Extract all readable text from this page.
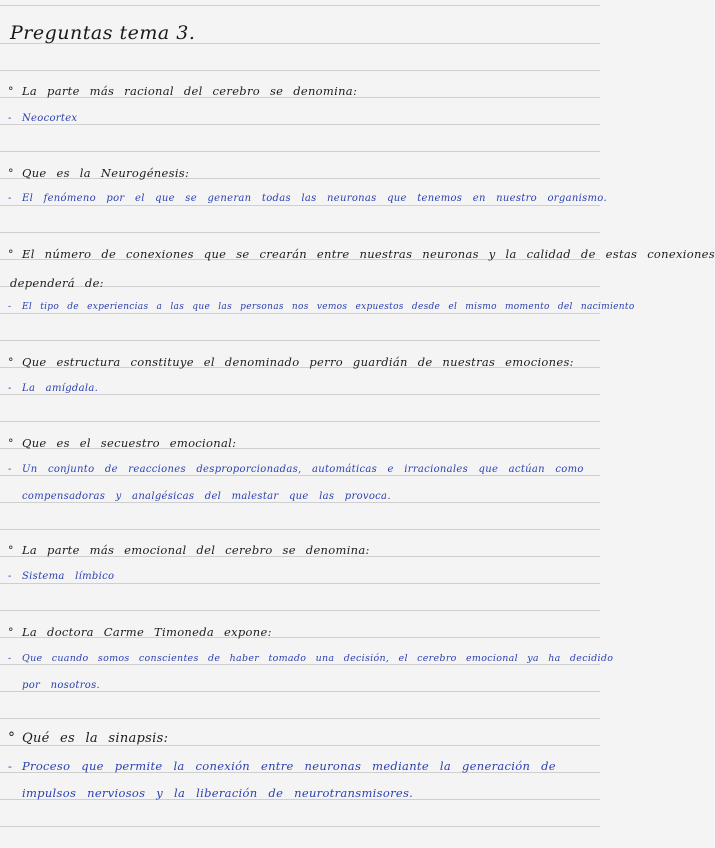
Preguntas tema 3.
° La parte más racional del cerebro se denomina:
- Neocortex
° Que es la Neurogénesis:
- El fenómeno por el que se generan todas las neuronas que tenemos en nuestro organismo.
° El número de conexiones que se crearán entre nuestras neuronas y la calidad de estas conexiones
dependerá de:
- El tipo de experiencias a las que las personas nos vemos expuestos desde el mismo momento del nacimiento
° Que estructura constituye el denominado perro guardián de nuestras emociones:
- La amígdala.
° Que es el secuestro emocional:
- Un conjunto de reacciones desproporcionadas, automáticas e irracionales que actúan como
compensadoras y analgésicas del malestar que las provoca.
° La parte más emocional del cerebro se denomina:
- Sistema límbico
° La doctora Carme Timoneda expone:
- Que cuando somos conscientes de haber tomado una decisión, el cerebro emocional ya ha decidido
por nosotros.
° Qué es la sinapsis:
- Proceso que permite la conexión entre neuronas mediante la generación de
impulsos nerviosos y la liberación de neurotransmisores.
